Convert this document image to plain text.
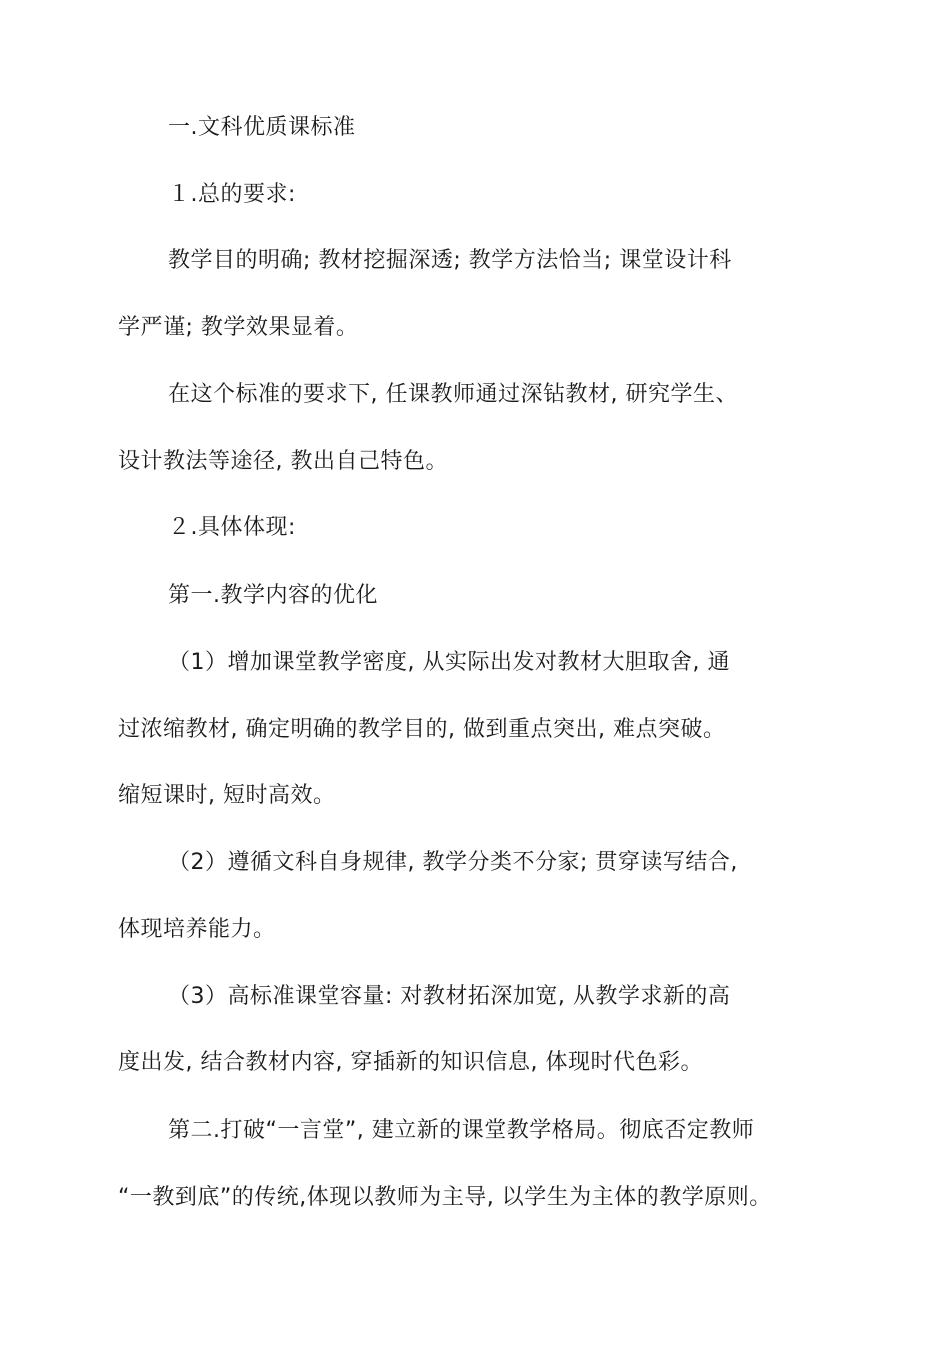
一.文科优质课标准
１.总的要求:
教学目的明确; 教材挖掘深透; 教学方法恰当; 课堂设计科
学严谨; 教学效果显着。
在这个标准的要求下, 任课教师通过深钻教材, 研究学生、
设计教法等途径, 教出自己特色。
２.具体体现:
第一.教学内容的优化
（1）增加课堂教学密度, 从实际出发对教材大胆取舍, 通
过浓缩教材, 确定明确的教学目的, 做到重点突出, 难点突破。
缩短课时, 短时高效。
（2）遵循文科自身规律, 教学分类不分家; 贯穿读写结合,
体现培养能力。
（3）高标准课堂容量: 对教材拓深加宽, 从教学求新的高
度出发, 结合教材内容, 穿插新的知识信息, 体现时代色彩。
第二.打破“一言堂”, 建立新的课堂教学格局。彻底否定教师
“一教到底”的传统,体现以教师为主导, 以学生为主体的教学原则。
